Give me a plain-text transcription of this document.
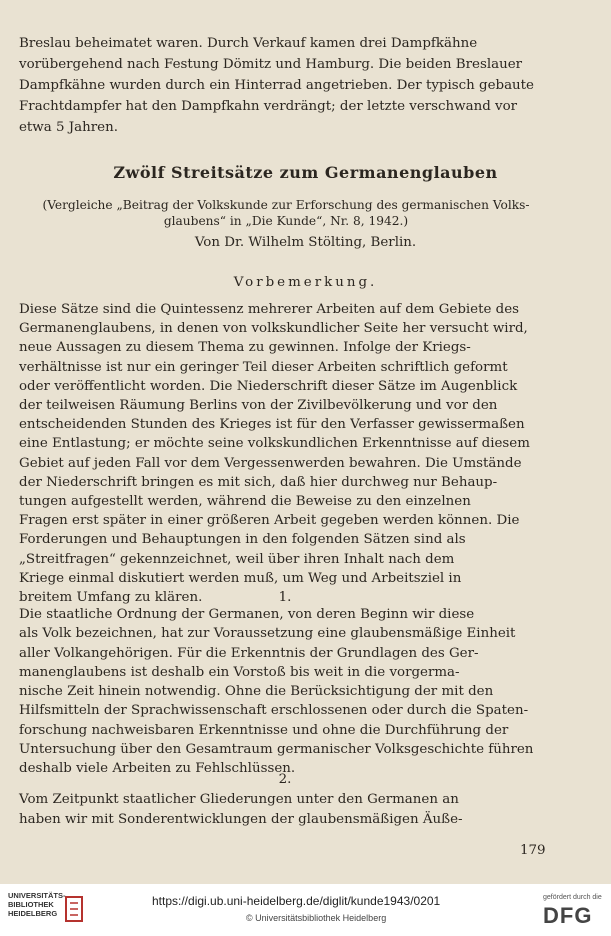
Breslau beheimatet waren. Durch Verkauf kamen drei Dampfkähne
vorübergehend nach Festung Dömitz und Hamburg. Die beiden Breslauer
Dampfkähne wurden durch ein Hinterrad angetrieben. Der typisch gebaute
Frachtdampfer hat den Dampfkahn verdrängt; der letzte verschwand vor
etwa 5 Jahren.
Zwölf Streitsätze zum Germanenglauben
(Vergleiche „Beitrag der Volkskunde zur Erforschung des germanischen Volks-
glaubens“ in „Die Kunde“, Nr. 8, 1942.)
Von Dr. Wilhelm Stölting, Berlin.
Vorbemerkung.
Diese Sätze sind die Quintessenz mehrerer Arbeiten auf dem Gebiete des
Germanenglaubens, in denen von volkskundlicher Seite her versucht wird,
neue Aussagen zu diesem Thema zu gewinnen. Infolge der Kriegs-
verhältnisse ist nur ein geringer Teil dieser Arbeiten schriftlich geformt
oder veröffentlicht worden. Die Niederschrift dieser Sätze im Augenblick
der teilweisen Räumung Berlins von der Zivilbevölkerung und vor den
entscheidenden Stunden des Krieges ist für den Verfasser gewissermaßen
eine Entlastung; er möchte seine volkskundlichen Erkenntnisse auf diesem
Gebiet auf jeden Fall vor dem Vergessenwerden bewahren. Die Umstände
der Niederschrift bringen es mit sich, daß hier durchweg nur Behaup-
tungen aufgestellt werden, während die Beweise zu den einzelnen
Fragen erst später in einer größeren Arbeit gegeben werden können. Die
Forderungen und Behauptungen in den folgenden Sätzen sind als
„Streitfragen“ gekennzeichnet, weil über ihren Inhalt nach dem
Kriege einmal diskutiert werden muß, um Weg und Arbeitsziel in
breitem Umfang zu klären.	1.
Die staatliche Ordnung der Germanen, von deren Beginn wir diese
als Volk bezeichnen, hat zur Voraussetzung eine glaubensmäßige Einheit
aller Volkangehörigen. Für die Erkenntnis der Grundlagen des Ger-
manenglaubens ist deshalb ein Vorstoß bis weit in die vorgerma-
nische Zeit hinein notwendig. Ohne die Berücksichtigung der mit den
Hilfsmitteln der Sprachwissenschaft erschlossenen oder durch die Spaten-
forschung nachweisbaren Erkenntnisse und ohne die Durchführung der
Untersuchung über den Gesamtraum germanischer Volksgeschichte führen
deshalb viele Arbeiten zu Fehlschlüssen.
2.
Vom Zeitpunkt staatlicher Gliederungen unter den Germanen an
haben wir mit Sonderentwicklungen der glaubensmäßigen Äuße-
179
UNIVERSITÄTS-
BIBLIOTHEK
HEIDELBERG
https://digi.ub.uni-heidelberg.de/diglit/kunde1943/0201
© Universitätsbibliothek Heidelberg
gefördert durch die
DFG
